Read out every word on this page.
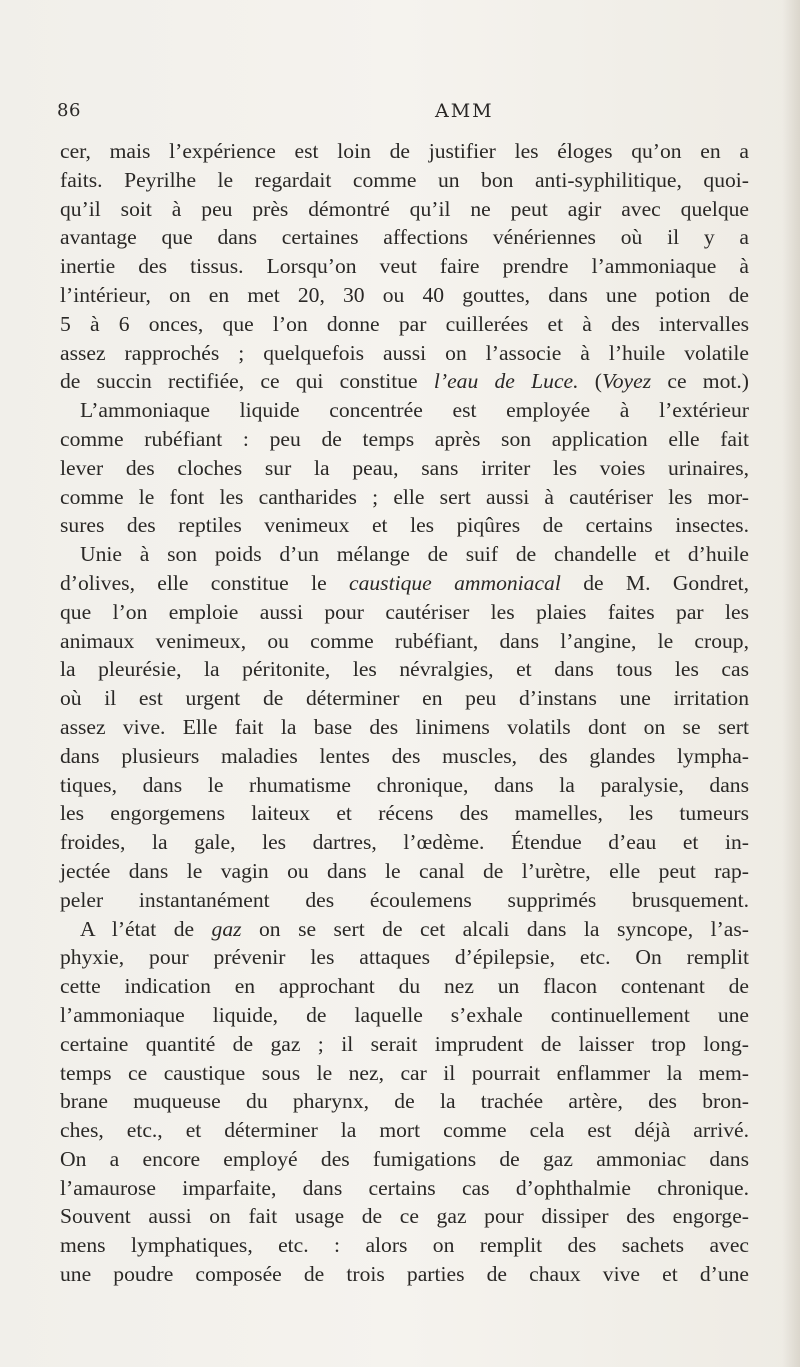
86	AMM
cer, mais l’expérience est loin de justifier les éloges qu’on en a
faits. Peyrilhe le regardait comme un bon anti-syphilitique, quoi-
qu’il soit à peu près démontré qu’il ne peut agir avec quelque
avantage que dans certaines affections vénériennes où il y a
inertie des tissus. Lorsqu’on veut faire prendre l’ammoniaque à
l’intérieur, on en met 20, 30 ou 40 gouttes, dans une potion de
5 à 6 onces, que l’on donne par cuillerées et à des intervalles
assez rapprochés ; quelquefois aussi on l’associe à l’huile volatile
de succin rectifiée, ce qui constitue l’eau de Luce. (Voyez ce mot.)
L’ammoniaque liquide concentrée est employée à l’extérieur
comme rubéfiant : peu de temps après son application elle fait
lever des cloches sur la peau, sans irriter les voies urinaires,
comme le font les cantharides ; elle sert aussi à cautériser les mor-
sures des reptiles venimeux et les piqûres de certains insectes.
Unie à son poids d’un mélange de suif de chandelle et d’huile
d’olives, elle constitue le caustique ammoniacal de M. Gondret,
que l’on emploie aussi pour cautériser les plaies faites par les
animaux venimeux, ou comme rubéfiant, dans l’angine, le croup,
la pleurésie, la péritonite, les névralgies, et dans tous les cas
où il est urgent de déterminer en peu d’instans une irritation
assez vive. Elle fait la base des linimens volatils dont on se sert
dans plusieurs maladies lentes des muscles, des glandes lympha-
tiques, dans le rhumatisme chronique, dans la paralysie, dans
les engorgemens laiteux et récens des mamelles, les tumeurs
froides, la gale, les dartres, l’œdème. Étendue d’eau et in-
jectée dans le vagin ou dans le canal de l’urètre, elle peut rap-
peler instantanément des écoulemens supprimés brusquement.
A l’état de gaz on se sert de cet alcali dans la syncope, l’as-
phyxie, pour prévenir les attaques d’épilepsie, etc. On remplit
cette indication en approchant du nez un flacon contenant de
l’ammoniaque liquide, de laquelle s’exhale continuellement une
certaine quantité de gaz ; il serait imprudent de laisser trop long-
temps ce caustique sous le nez, car il pourrait enflammer la mem-
brane muqueuse du pharynx, de la trachée artère, des bron-
ches, etc., et déterminer la mort comme cela est déjà arrivé.
On a encore employé des fumigations de gaz ammoniac dans
l’amaurose imparfaite, dans certains cas d’ophthalmie chronique.
Souvent aussi on fait usage de ce gaz pour dissiper des engorge-
mens lymphatiques, etc. : alors on remplit des sachets avec
une poudre composée de trois parties de chaux vive et d’une
